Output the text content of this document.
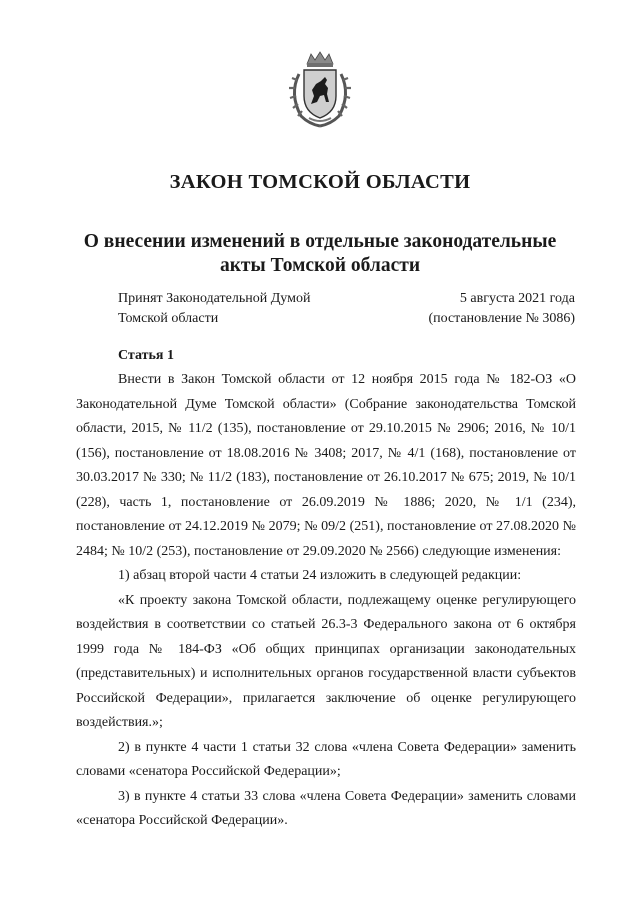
ЗАКОН ТОМСКОЙ ОБЛАСТИ
О внесении изменений в отдельные законодательные акты Томской области
Принят Законодательной Думой
Томской области
5 августа 2021 года
(постановление № 3086)
Статья 1

Внести в Закон Томской области от 12 ноября 2015 года № 182-ОЗ «О Законодательной Думе Томской области» (Собрание законодательства Томской области, 2015, № 11/2 (135), постановление от 29.10.2015 № 2906; 2016, № 10/1 (156), постановление от 18.08.2016 № 3408; 2017, № 4/1 (168), постановление от 30.03.2017 № 330; № 11/2 (183), постановление от 26.10.2017 № 675; 2019, № 10/1 (228), часть 1, постановление от 26.09.2019 № 1886; 2020, № 1/1 (234), постановление от 24.12.2019 № 2079; № 09/2 (251), постановление от 27.08.2020 № 2484; № 10/2 (253), постановление от 29.09.2020 № 2566) следующие изменения:

1) абзац второй части 4 статьи 24 изложить в следующей редакции:

«К проекту закона Томской области, подлежащему оценке регулирующего воздействия в соответствии со статьей 26.3-3 Федерального закона от 6 октября 1999 года № 184-ФЗ «Об общих принципах организации законодательных (представительных) и исполнительных органов государственной власти субъектов Российской Федерации», прилагается заключение об оценке регулирующего воздействия.»;

2) в пункте 4 части 1 статьи 32 слова «члена Совета Федерации» заменить словами «сенатора Российской Федерации»;

3) в пункте 4 статьи 33 слова «члена Совета Федерации» заменить словами «сенатора Российской Федерации».
